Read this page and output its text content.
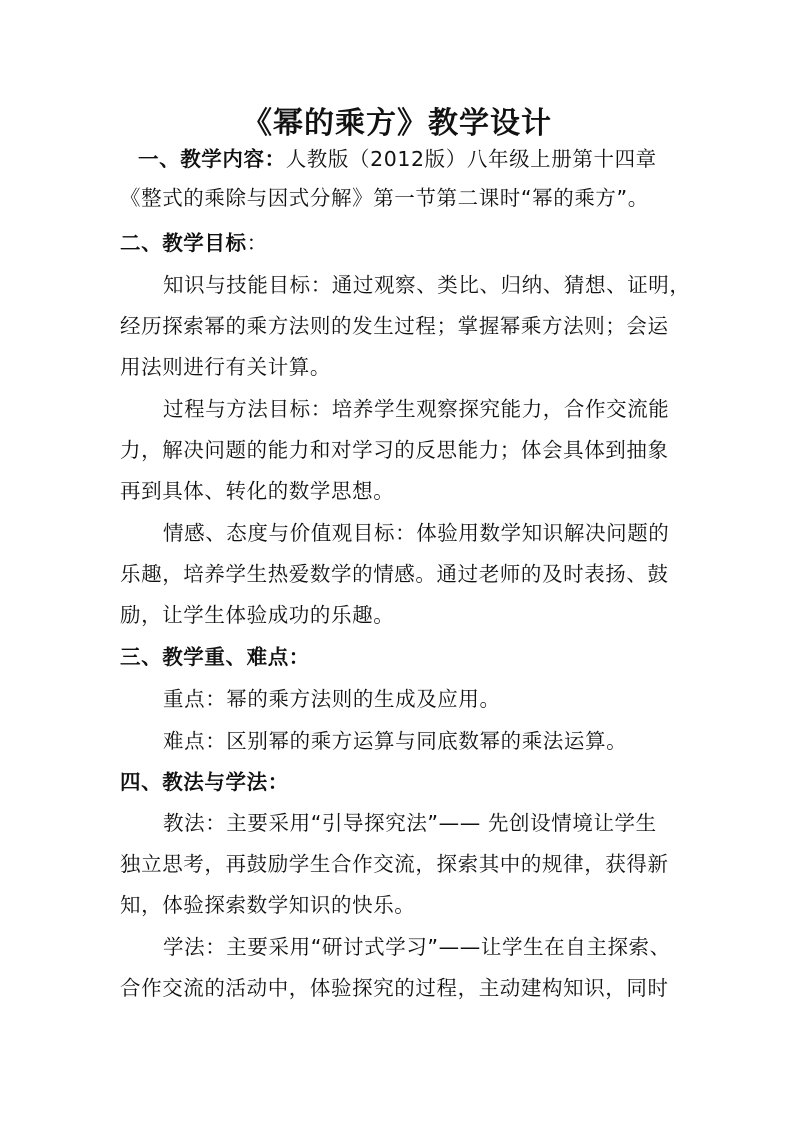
《幂的乘方》教学设计
一、教学内容：人教版（2012版）八年级上册第十四章
《整式的乘除与因式分解》第一节第二课时“幂的乘方”。
二、教学目标：
知识与技能目标：通过观察、类比、归纳、猜想、证明，
经历探索幂的乘方法则的发生过程；掌握幂乘方法则；会运
用法则进行有关计算。
过程与方法目标：培养学生观察探究能力，合作交流能
力，解决问题的能力和对学习的反思能力；体会具体到抽象
再到具体、转化的数学思想。
情感、态度与价值观目标：体验用数学知识解决问题的
乐趣，培养学生热爱数学的情感。通过老师的及时表扬、鼓
励，让学生体验成功的乐趣。
三、教学重、难点：
重点：幂的乘方法则的生成及应用。
难点：区别幂的乘方运算与同底数幂的乘法运算。
四、教法与学法：
教法：主要采用“引导探究法”—— 先创设情境让学生
独立思考，再鼓励学生合作交流，探索其中的规律，获得新
知，体验探索数学知识的快乐。
学法：主要采用“研讨式学习”——让学生在自主探索、
合作交流的活动中，体验探究的过程，主动建构知识，同时
